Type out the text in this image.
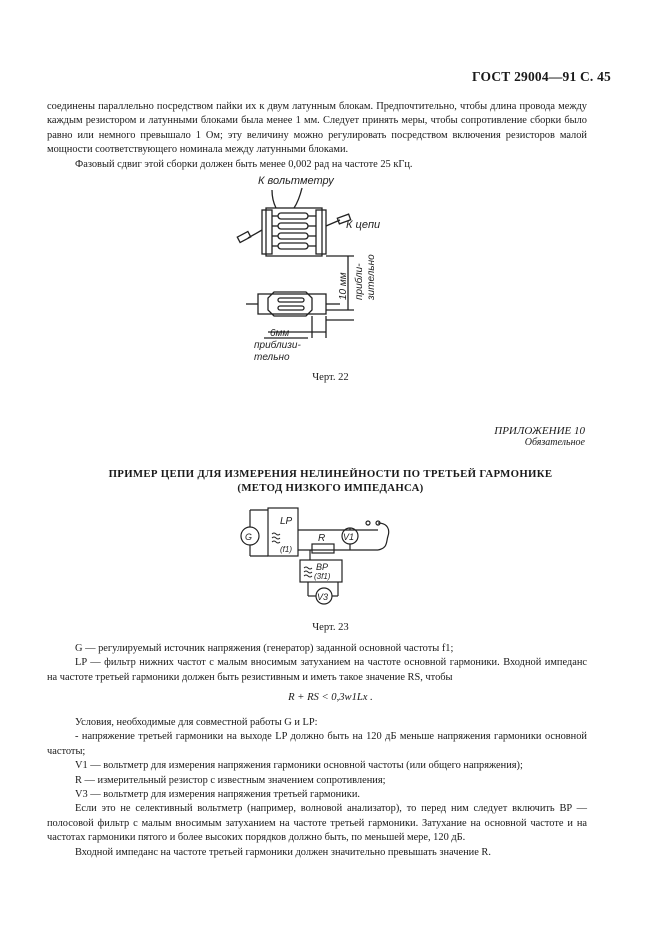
ГОСТ 29004—91 С. 45

соединены параллельно посредством пайки их к двум латунным блокам. Предпочтительно, чтобы длина провода между каждым резистором и латунными блоками была менее 1 мм. Следует принять меры, чтобы сопротивление сборки было равно или немного превышало 1 Ом; эту величину можно регулировать посредством включения резисторов малой мощности соответствующего номинала между латунными блоками.

Фазовый сдвиг этой сборки должен быть менее 0,002 рад на частоте 25 кГц.

К вольтметру
К цепи
10 мм прибли- зительно
6мм
приблизи-
тельно
Черт. 22
ПРИЛОЖЕНИЕ 10
Обязательное
ПРИМЕР ЦЕПИ ДЛЯ ИЗМЕРЕНИЯ НЕЛИНЕЙНОСТИ ПО ТРЕТЬЕЙ ГАРМОНИКЕ
(МЕТОД НИЗКОГО ИМПЕДАНСА)
LP
(f1)
R V1
BP
(3f1)
V3
G
Черт. 23

G — регулируемый источник напряжения (генератор) заданной основной частоты f1;

LP — фильтр нижних частот с малым вносимым затуханием на частоте основной гармоники. Входной импеданс на частоте третьей гармоники должен быть резистивным и иметь такое значение RS, чтобы

R + RS < 0,3w1Lx .

Условия, необходимые для совместной работы G и LP:

- напряжение третьей гармоники на выходе LP должно быть на 120 дБ меньше напряжения гармоники основной частоты;

V1 — вольтметр для измерения напряжения гармоники основной частоты (или общего напряжения);

R — измерительный резистор с известным значением сопротивления;

V3 — вольтметр для измерения напряжения третьей гармоники.

Если это не селективный вольтметр (например, волновой анализатор), то перед ним следует включить BP — полосовой фильтр с малым вносимым затуханием на частоте третьей гармоники. Затухание на основной частоте и на частотах гармоники пятого и более высоких порядков должно быть, по меньшей мере, 120 дБ.

Входной импеданс на частоте третьей гармоники должен значительно превышать значение R.
